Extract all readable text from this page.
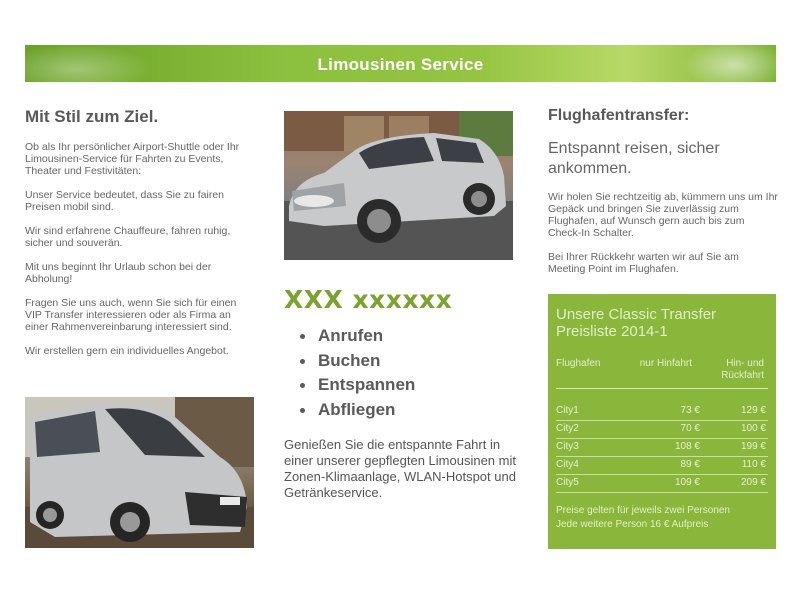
Limousinen Service
Mit Stil zum Ziel.

Ob als Ihr persönlicher Airport-Shuttle oder Ihr Limousinen-Service für Fahrten zu Events, Theater und Festivitäten:

Unser Service bedeutet, dass Sie zu fairen Preisen mobil sind.

Wir sind erfahrene Chauffeure, fahren ruhig, sicher und souverän.

Mit uns beginnt Ihr Urlaub schon bei der Abholung!

Fragen Sie uns auch, wenn Sie sich für einen VIP Transfer interessieren oder als Firma an einer Rahmenvereinbarung interessiert sind.

Wir erstellen gern ein individuelles Angebot.

XXX xxxxxx
Anrufen
Buchen
Entspannen
Abfliegen
Genießen Sie die entspannte Fahrt in einer unserer gepflegten Limousinen mit Zonen-Klimaanlage, WLAN-Hotspot und Getränkeservice.
Flughafentransfer:
Entspannt reisen, sicher ankommen.

Wir holen Sie rechtzeitig ab, kümmern uns um Ihr Gepäck und bringen Sie zuverlässig zum Flughafen, auf Wunsch gern auch bis zum Check-In Schalter.

Bei Ihrer Rückkehr warten wir auf Sie am Meeting Point im Flughafen.

Unsere Classic Transfer Preisliste 2014-1
Flughafen	nur Hinfahrt	Hin- und Rückfahrt
City1	73 €	129 €
City2	70 €	100 €
City3	108 €	199 €
City4	89 €	110 €
City5	109 €	209 €
Preise gelten für jeweils zwei Personen
Jede weitere Person 16 € Aufpreis
